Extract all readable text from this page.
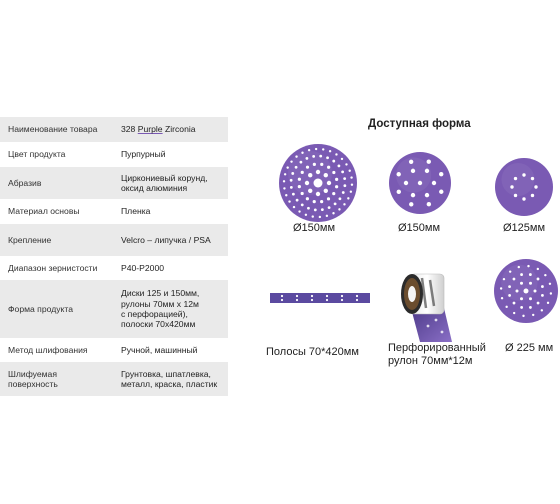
Наименование товара	328 Purple Zirconia
Цвет продукта	Пурпурный
Абразив	Циркониевый корунд,
оксид алюминия
Материал основы	Пленка
Крепление	Velcro – липучка / PSA
Диапазон зернистости	P40-P2000
Форма продукта	Диски 125 и 150мм,
рулоны 70мм х 12м
с перфорацией),
полоски 70х420мм
Метод шлифования	Ручной, машинный
Шлифуемая
поверхность	Грунтовка, шпатлевка,
металл, краска, пластик
Доступная форма
Ø150мм	Ø150мм	Ø125мм
Полосы 70*420мм	Перфорированный
рулон 70мм*12м
Ø 225 мм
